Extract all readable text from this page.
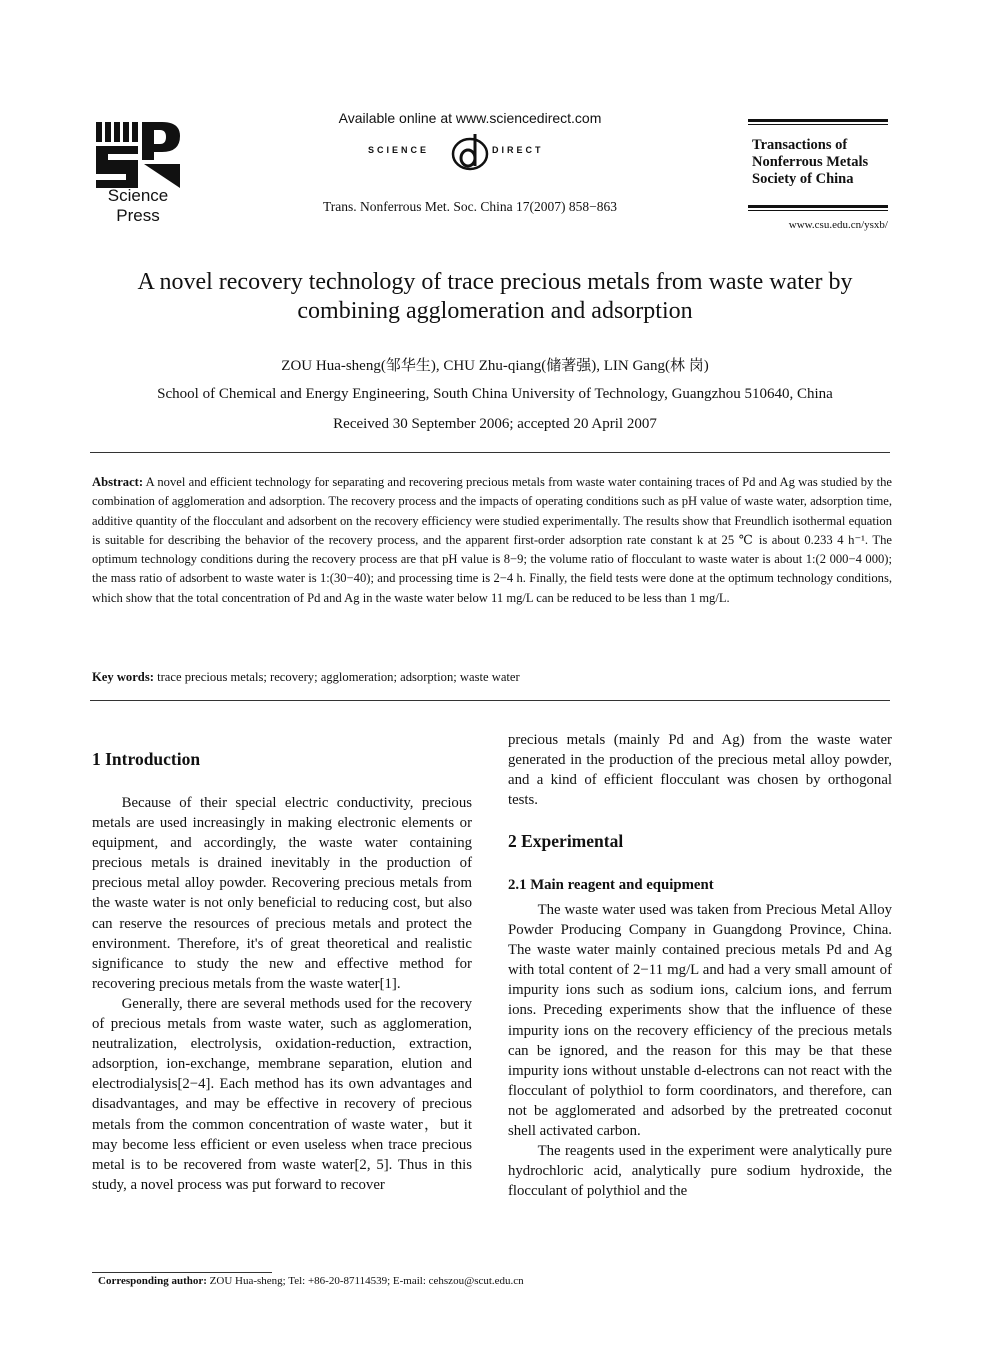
Science Press
Available online at www.sciencedirect.com
SCIENCE	DIRECT
Trans. Nonferrous Met. Soc. China 17(2007) 858−863
Transactions of Nonferrous Metals Society of China
www.csu.edu.cn/ysxb/
A novel recovery technology of trace precious metals from waste water by combining agglomeration and adsorption
ZOU Hua-sheng(邹华生), CHU Zhu-qiang(储著强), LIN Gang(林 岗)
School of Chemical and Energy Engineering, South China University of Technology, Guangzhou 510640, China
Received 30 September 2006; accepted 20 April 2007
Abstract: A novel and efficient technology for separating and recovering precious metals from waste water containing traces of Pd and Ag was studied by the combination of agglomeration and adsorption. The recovery process and the impacts of operating conditions such as pH value of waste water, adsorption time, additive quantity of the flocculant and adsorbent on the recovery efficiency were studied experimentally. The results show that Freundlich isothermal equation is suitable for describing the behavior of the recovery process, and the apparent first-order adsorption rate constant k at 25 ℃ is about 0.233 4 h⁻¹. The optimum technology conditions during the recovery process are that pH value is 8−9; the volume ratio of flocculant to waste water is about 1:(2 000−4 000); the mass ratio of adsorbent to waste water is 1:(30−40); and processing time is 2−4 h. Finally, the field tests were done at the optimum technology conditions, which show that the total concentration of Pd and Ag in the waste water below 11 mg/L can be reduced to be less than 1 mg/L.
Key words: trace precious metals; recovery; agglomeration; adsorption; waste water
1 Introduction

Because of their special electric conductivity, precious metals are used increasingly in making electronic elements or equipment, and accordingly, the waste water containing precious metals is drained inevitably in the production of precious metal alloy powder. Recovering precious metals from the waste water is not only beneficial to reducing cost, but also can reserve the resources of precious metals and protect the environment. Therefore, it's of great theoretical and realistic significance to study the new and effective method for recovering precious metals from the waste water[1].

Generally, there are several methods used for the recovery of precious metals from waste water, such as agglomeration, neutralization, electrolysis, oxidation-reduction, extraction, adsorption, ion-exchange, membrane separation, elution and electrodialysis[2−4]. Each method has its own advantages and disadvantages, and may be effective in recovery of precious metals from the common concentration of waste water，but it may become less efficient or even useless when trace precious metal is to be recovered from waste water[2, 5]. Thus in this study, a novel process was put forward to recover

precious metals (mainly Pd and Ag) from the waste water generated in the production of the precious metal alloy powder, and a kind of efficient flocculant was chosen by orthogonal tests.

2 Experimental
2.1 Main reagent and equipment

The waste water used was taken from Precious Metal Alloy Powder Producing Company in Guangdong Province, China. The waste water mainly contained precious metals Pd and Ag with total content of 2−11 mg/L and had a very small amount of impurity ions such as sodium ions, calcium ions, and ferrum ions. Preceding experiments show that the influence of these impurity ions on the recovery efficiency of the precious metals can be ignored, and the reason for this may be that these impurity ions without unstable d-electrons can not react with the flocculant of polythiol to form coordinators, and therefore, can not be agglomerated and adsorbed by the pretreated coconut shell activated carbon.

The reagents used in the experiment were analytically pure hydrochloric acid, analytically pure sodium hydroxide, the flocculant of polythiol and the

Corresponding author: ZOU Hua-sheng; Tel: +86-20-87114539; E-mail: cehszou@scut.edu.cn
